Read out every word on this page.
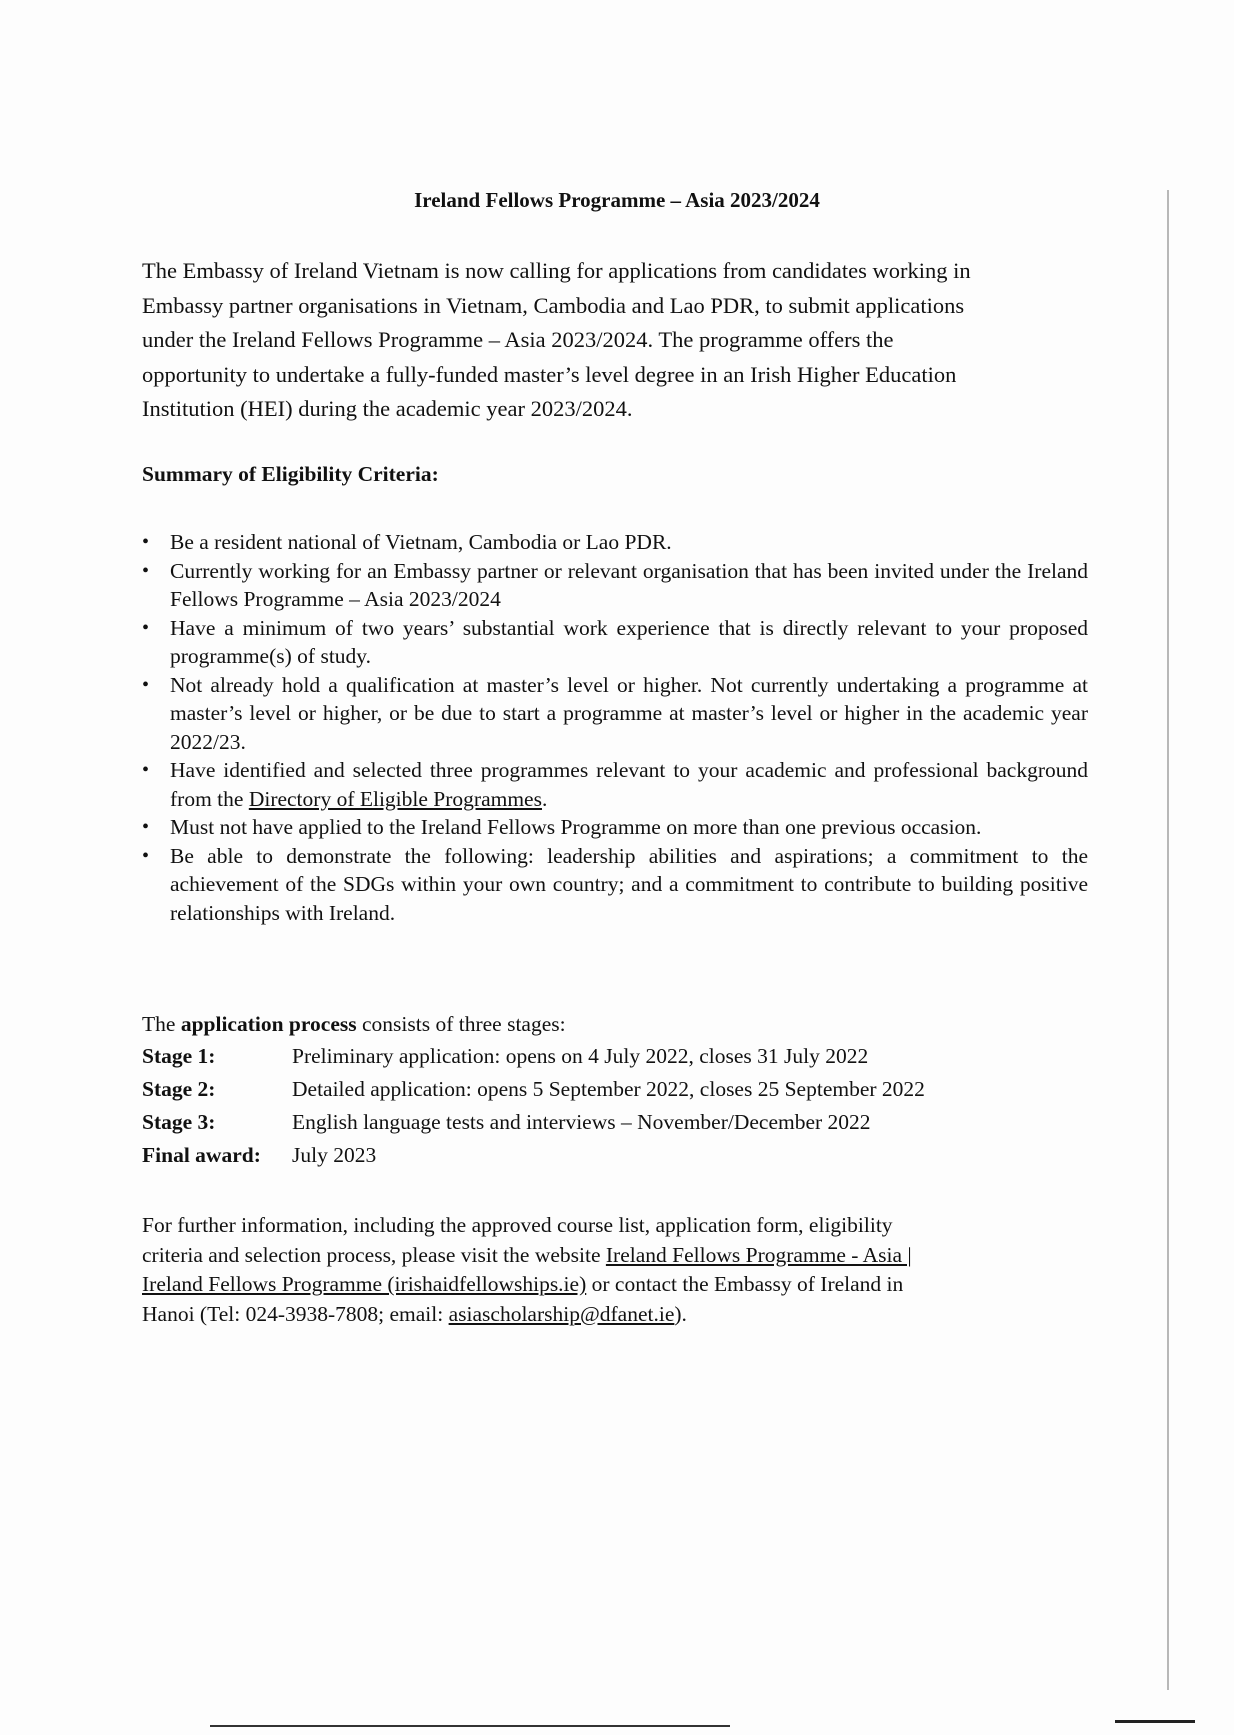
Ireland Fellows Programme – Asia 2023/2024
The Embassy of Ireland Vietnam is now calling for applications from candidates working in
Embassy partner organisations in Vietnam, Cambodia and Lao PDR, to submit applications
under the Ireland Fellows Programme – Asia 2023/2024. The programme offers the
opportunity to undertake a fully-funded master’s level degree in an Irish Higher Education
Institution (HEI) during the academic year 2023/2024.
Summary of Eligibility Criteria:
• Be a resident national of Vietnam, Cambodia or Lao PDR.
• Currently working for an Embassy partner or relevant organisation that has been invited under the Ireland Fellows Programme – Asia 2023/2024
• Have a minimum of two years’ substantial work experience that is directly relevant to your proposed programme(s) of study.
• Not already hold a qualification at master’s level or higher. Not currently undertaking a programme at master’s level or higher, or be due to start a programme at master’s level or higher in the academic year 2022/23.
• Have identified and selected three programmes relevant to your academic and professional background from the Directory of Eligible Programmes.
• Must not have applied to the Ireland Fellows Programme on more than one previous occasion.
• Be able to demonstrate the following: leadership abilities and aspirations; a commitment to the achievement of the SDGs within your own country; and a commitment to contribute to building positive relationships with Ireland.
The application process consists of three stages:
Stage 1:	Preliminary application: opens on 4 July 2022, closes 31 July 2022
Stage 2:	Detailed application: opens 5 September 2022, closes 25 September 2022
Stage 3:	English language tests and interviews – November/December 2022
Final award: July 2023
For further information, including the approved course list, application form, eligibility
criteria and selection process, please visit the website Ireland Fellows Programme - Asia |
Ireland Fellows Programme (irishaidfellowships.ie) or contact the Embassy of Ireland in
Hanoi (Tel: 024-3938-7808; email: asiascholarship@dfanet.ie).
